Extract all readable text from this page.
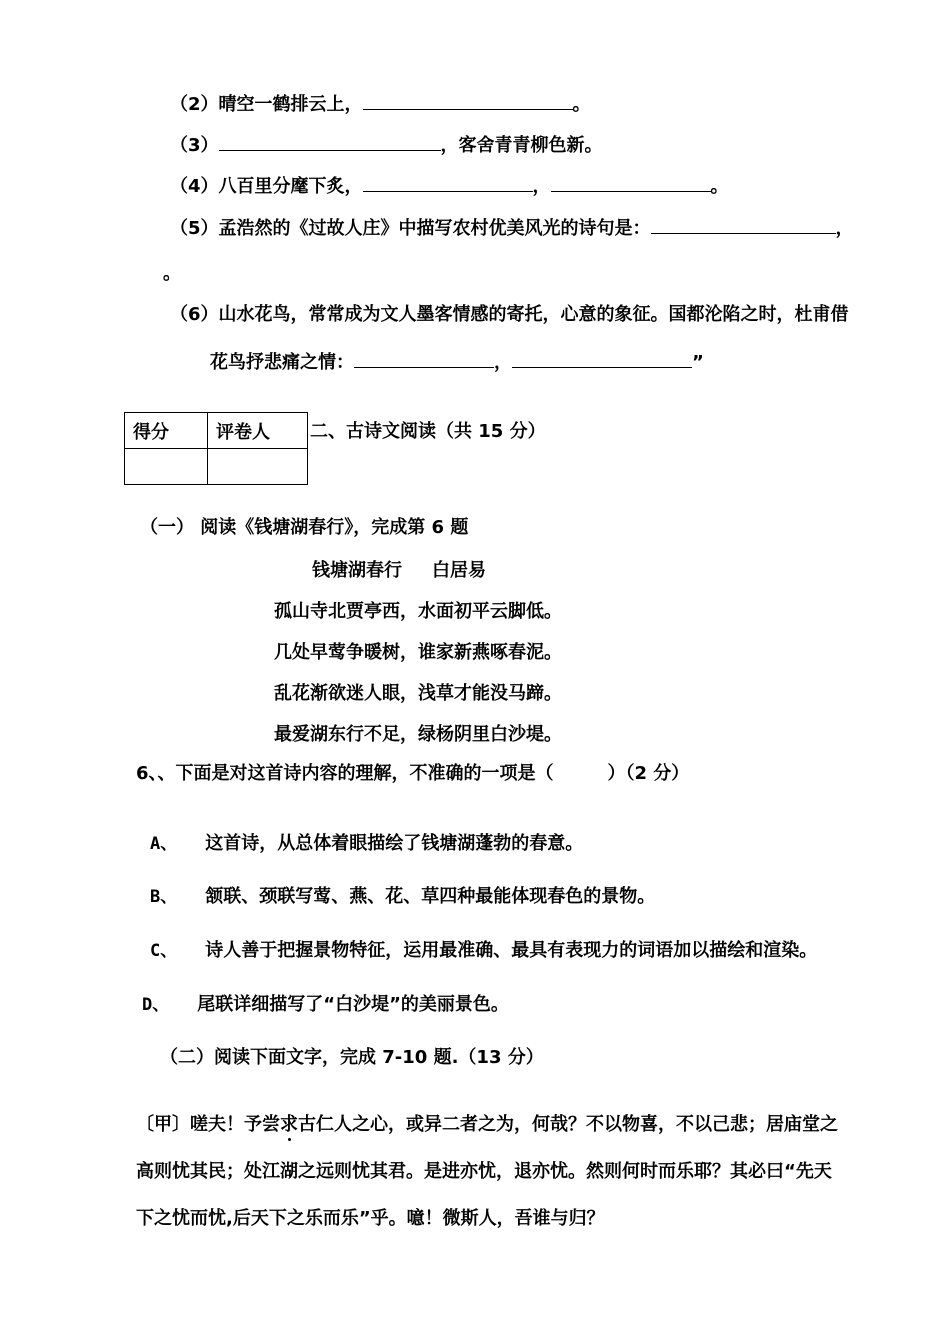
（2）晴空一鹤排云上，	。
（3）	，客舍青青柳色新。
（4）八百里分麾下炙，	，	。
（5）孟浩然的《过故人庄》中描写农村优美风光的诗句是：	，
。
（6）山水花鸟，常常成为文人墨客情感的寄托，心意的象征。国都沦陷之时，杜甫借
花鸟抒悲痛之情：	，	”
得分	评卷人
	二、古诗文阅读（共 15 分）
（一） 阅读《钱塘湖春行》，完成第 6 题
钱塘湖春行 白居易
孤山寺北贾亭西，水面初平云脚低。
几处早莺争暖树，谁家新燕啄春泥。
乱花渐欲迷人眼，浅草才能没马蹄。
最爱湖东行不足，绿杨阴里白沙堤。
6、、下面是对这首诗内容的理解，不准确的一项是（　　　）（2 分）
A、 这首诗，从总体着眼描绘了钱塘湖蓬勃的春意。
B、 颔联、颈联写莺、燕、花、草四种最能体现春色的景物。
C、 诗人善于把握景物特征，运用最准确、最具有表现力的词语加以描绘和渲染。
D、 尾联详细描写了“白沙堤”的美丽景色。
（二）阅读下面文字，完成 7-10 题.（13 分）
〔甲〕嗟夫！予尝求古仁人之心，或异二者之为，何哉？不以物喜，不以己悲；居庙堂之
高则忧其民；处江湖之远则忧其君。是进亦忧，退亦忧。然则何时而乐耶？其必曰“先天
下之忧而忧,后天下之乐而乐”乎。噫！微斯人，吾谁与归？
